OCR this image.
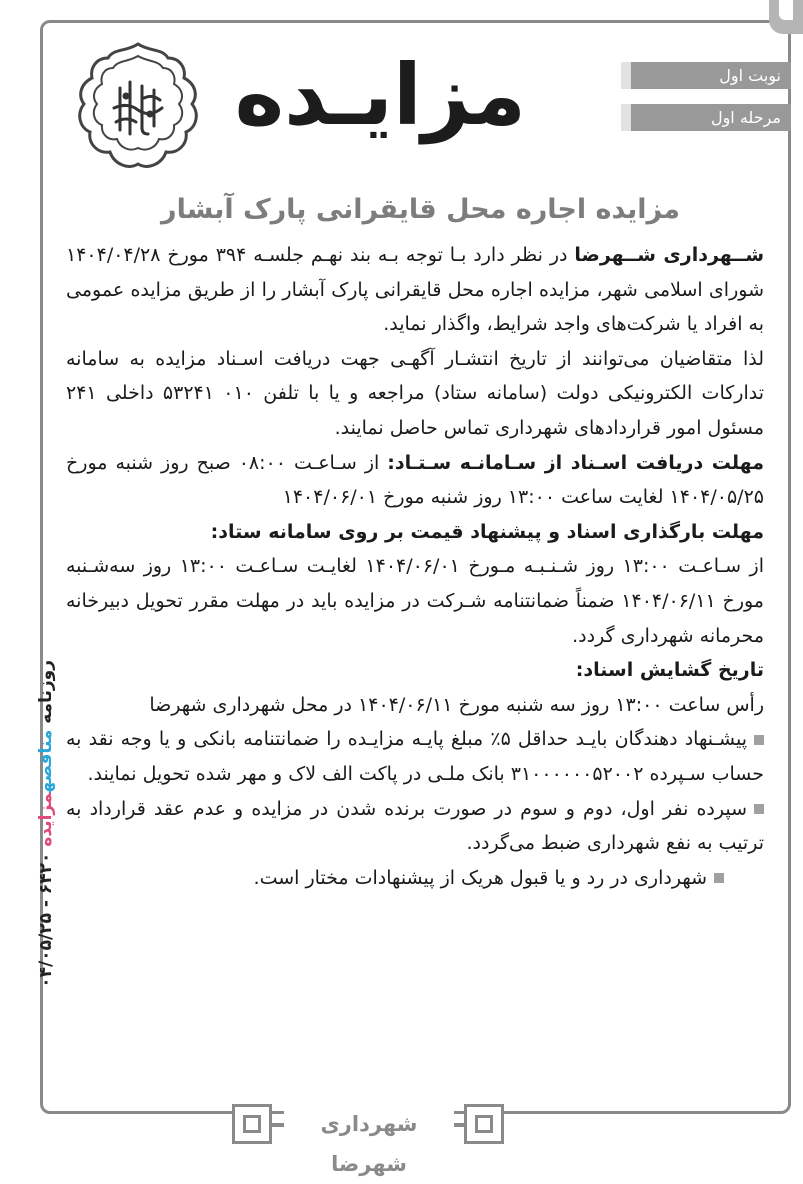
نوبت اول
مرحله اول
مزایـده
مزایده اجاره محل قایقرانی پارک آبشار

شــهرداری شــهرضا در نظر دارد بـا توجه بـه بند نهـم جلسـه ۳۹۴ مورخ ۱۴۰۴/۰۴/۲۸ شورای اسلامی شهر، مزایده اجاره محل قایقرانی پارک آبشار را از طریق مزایده عمومی به افراد یا شرکت‌های واجد شرایط، واگذار نماید.

لذا متقاضیان می‌توانند از تاریخ انتشـار آگهـی جهت دریافت اسـناد مزایده به سامانه تدارکات الکترونیکی دولت (سامانه ستاد) مراجعه و یا با تلفن ۰۱۰ ۵۳۲۴۱ داخلی ۲۴۱ مسئول امور قراردادهای شهرداری تماس حاصل نمایند.

مهلت دریافت اسـناد از سـامانـه سـتـاد: از سـاعـت ۰۸:۰۰ صبح روز شنبه مورخ ۱۴۰۴/۰۵/۲۵ لغایت ساعت ۱۳:۰۰ روز شنبه مورخ ۱۴۰۴/۰۶/۰۱

مهلت بارگذاری اسناد و پیشنهاد قیمت بر روی سامانه ستاد:

از سـاعـت ۱۳:۰۰ روز شـنـبـه مـورخ ۱۴۰۴/۰۶/۰۱ لغایـت سـاعـت ۱۳:۰۰ روز سه‌شـنبه مورخ ۱۴۰۴/۰۶/۱۱ ضمناً ضمانتنامه شـرکت در مزایده باید در مهلت مقرر تحویل دبیرخانه محرمانه شهرداری گردد.

تاریخ گشایش اسناد:

رأس ساعت ۱۳:۰۰ روز سه شنبه مورخ ۱۴۰۴/۰۶/۱۱ در محل شهرداری شهرضا

پیشـنهاد دهندگان بایـد حداقل ۵٪ مبلغ پایـه مزایـده را ضمانتنامه بانکی و یا وجه نقد به حساب سـپرده ۳۱۰۰۰۰۰۰۵۲۰۰۲ بانک ملـی در پاکت الف لاک و مهر شده تحویل نمایند.

سپرده نفر اول، دوم و سوم در صورت برنده شدن در مزایده و عدم عقد قرارداد به ترتیب به نفع شهرداری ضبط می‌گردد.

شهرداری در رد و یا قبول هریک از پیشنهادات مختار است.

روزنامه مناقصهمزایده ۶۴۲۰ - ۰۴/۰۵/۲۵
شهرداری شهرضا
